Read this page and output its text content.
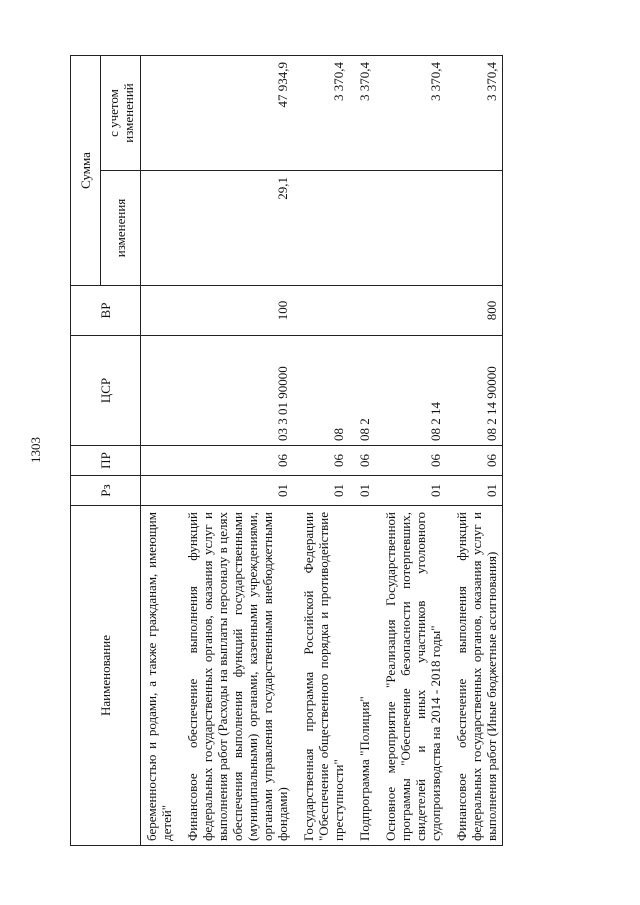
1303
Наименование	Рз	ПР	ЦСР	ВР	Сумма	
					изменения	с учетом изменений
беременностью и родами, а также гражданам, имеющим детей"						
Финансовое обеспечение выполнения функций федеральных государственных органов, оказания услуг и выполнения работ (Расходы на выплаты персоналу в целях обеспечения выполнения функций государственными (муниципальными) органами, казенными учреждениями, органами управления государственными внебюджетными фондами)	01	06	03 3 01 90000	100	29,1	47 934,9
Государственная программа Российской Федерации "Обеспечение общественного порядка и противодействие преступности"	01	06	08			3 370,4
Подпрограмма "Полиция"	01	06	08 2			3 370,4
Основное мероприятие "Реализация Государственной программы "Обеспечение безопасности потерпевших, свидетелей и иных участников уголовного судопроизводства на 2014 - 2018 годы"	01	06	08 2 14			3 370,4
Финансовое обеспечение выполнения функций федеральных государственных органов, оказания услуг и выполнения работ (Иные бюджетные ассигнования)	01	06	08 2 14 90000	800		3 370,4
